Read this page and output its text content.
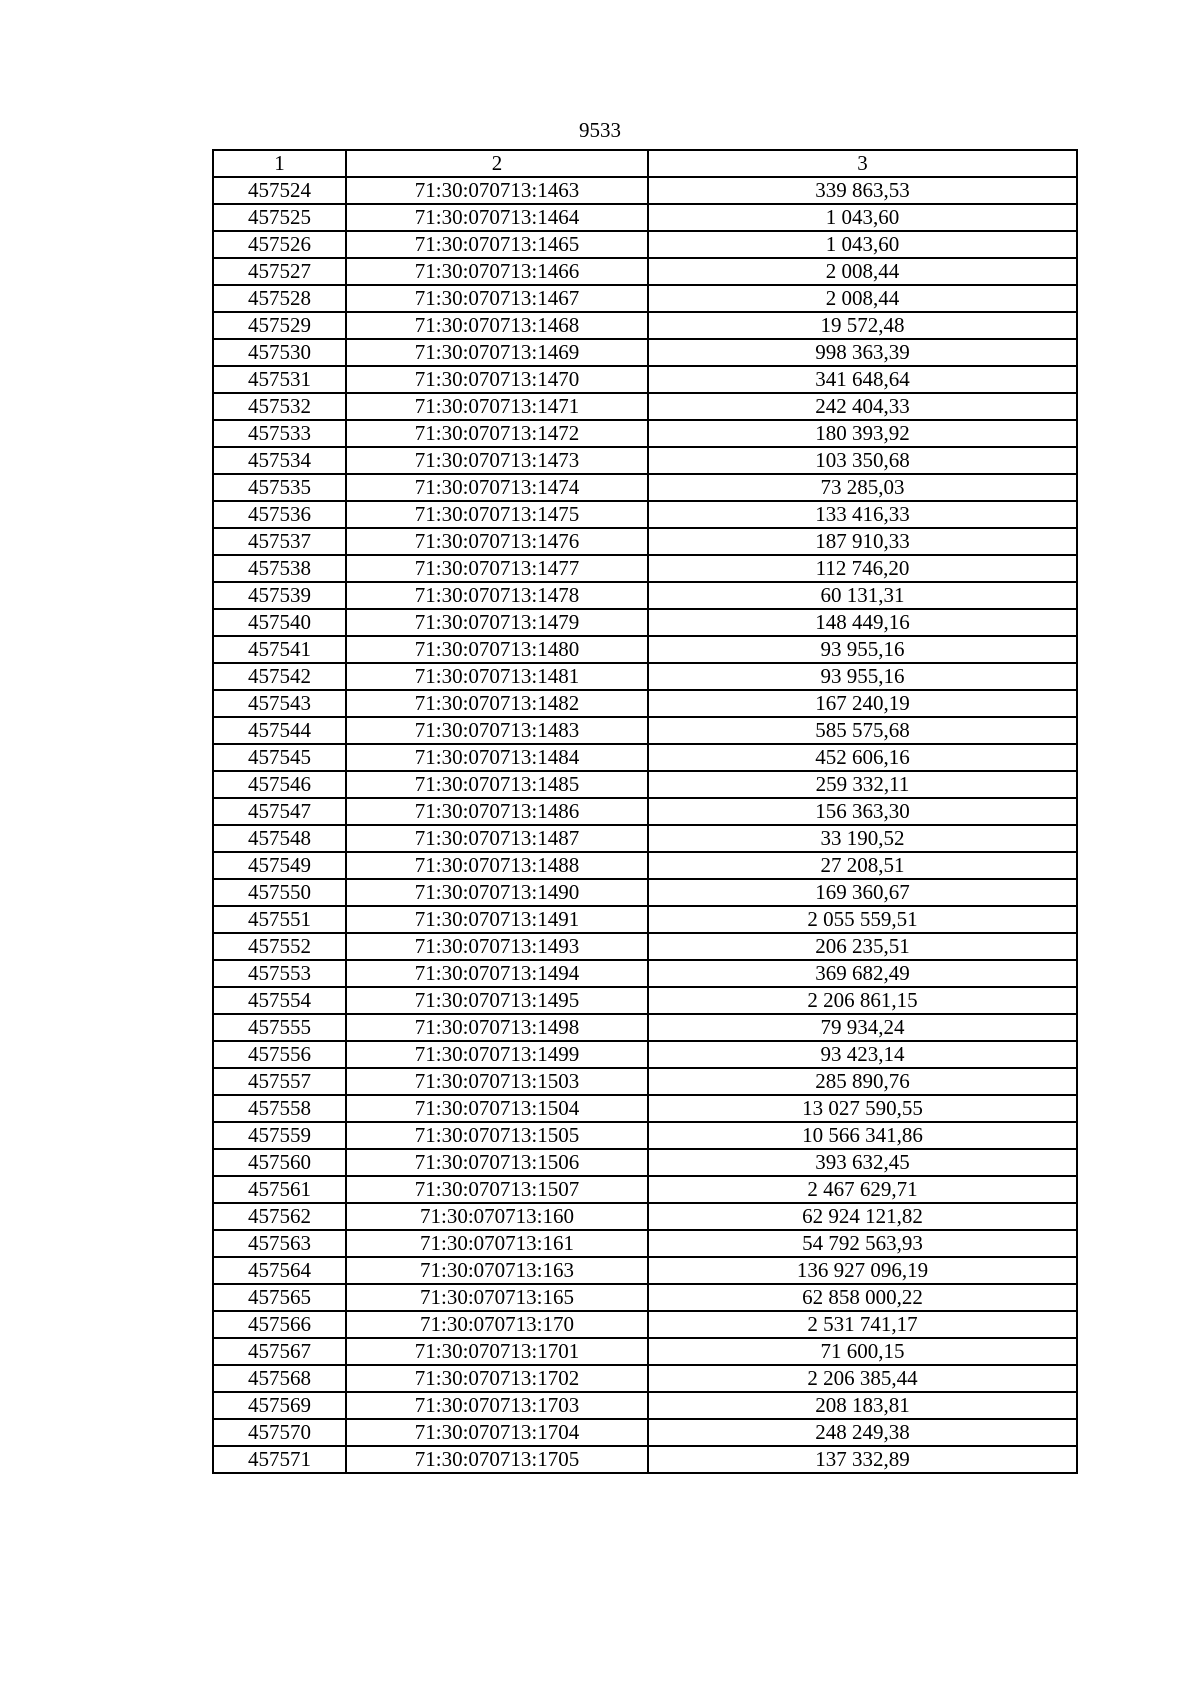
9533
1	2	3
457524	71:30:070713:1463	339 863,53
457525	71:30:070713:1464	1 043,60
457526	71:30:070713:1465	1 043,60
457527	71:30:070713:1466	2 008,44
457528	71:30:070713:1467	2 008,44
457529	71:30:070713:1468	19 572,48
457530	71:30:070713:1469	998 363,39
457531	71:30:070713:1470	341 648,64
457532	71:30:070713:1471	242 404,33
457533	71:30:070713:1472	180 393,92
457534	71:30:070713:1473	103 350,68
457535	71:30:070713:1474	73 285,03
457536	71:30:070713:1475	133 416,33
457537	71:30:070713:1476	187 910,33
457538	71:30:070713:1477	112 746,20
457539	71:30:070713:1478	60 131,31
457540	71:30:070713:1479	148 449,16
457541	71:30:070713:1480	93 955,16
457542	71:30:070713:1481	93 955,16
457543	71:30:070713:1482	167 240,19
457544	71:30:070713:1483	585 575,68
457545	71:30:070713:1484	452 606,16
457546	71:30:070713:1485	259 332,11
457547	71:30:070713:1486	156 363,30
457548	71:30:070713:1487	33 190,52
457549	71:30:070713:1488	27 208,51
457550	71:30:070713:1490	169 360,67
457551	71:30:070713:1491	2 055 559,51
457552	71:30:070713:1493	206 235,51
457553	71:30:070713:1494	369 682,49
457554	71:30:070713:1495	2 206 861,15
457555	71:30:070713:1498	79 934,24
457556	71:30:070713:1499	93 423,14
457557	71:30:070713:1503	285 890,76
457558	71:30:070713:1504	13 027 590,55
457559	71:30:070713:1505	10 566 341,86
457560	71:30:070713:1506	393 632,45
457561	71:30:070713:1507	2 467 629,71
457562	71:30:070713:160	62 924 121,82
457563	71:30:070713:161	54 792 563,93
457564	71:30:070713:163	136 927 096,19
457565	71:30:070713:165	62 858 000,22
457566	71:30:070713:170	2 531 741,17
457567	71:30:070713:1701	71 600,15
457568	71:30:070713:1702	2 206 385,44
457569	71:30:070713:1703	208 183,81
457570	71:30:070713:1704	248 249,38
457571	71:30:070713:1705	137 332,89
